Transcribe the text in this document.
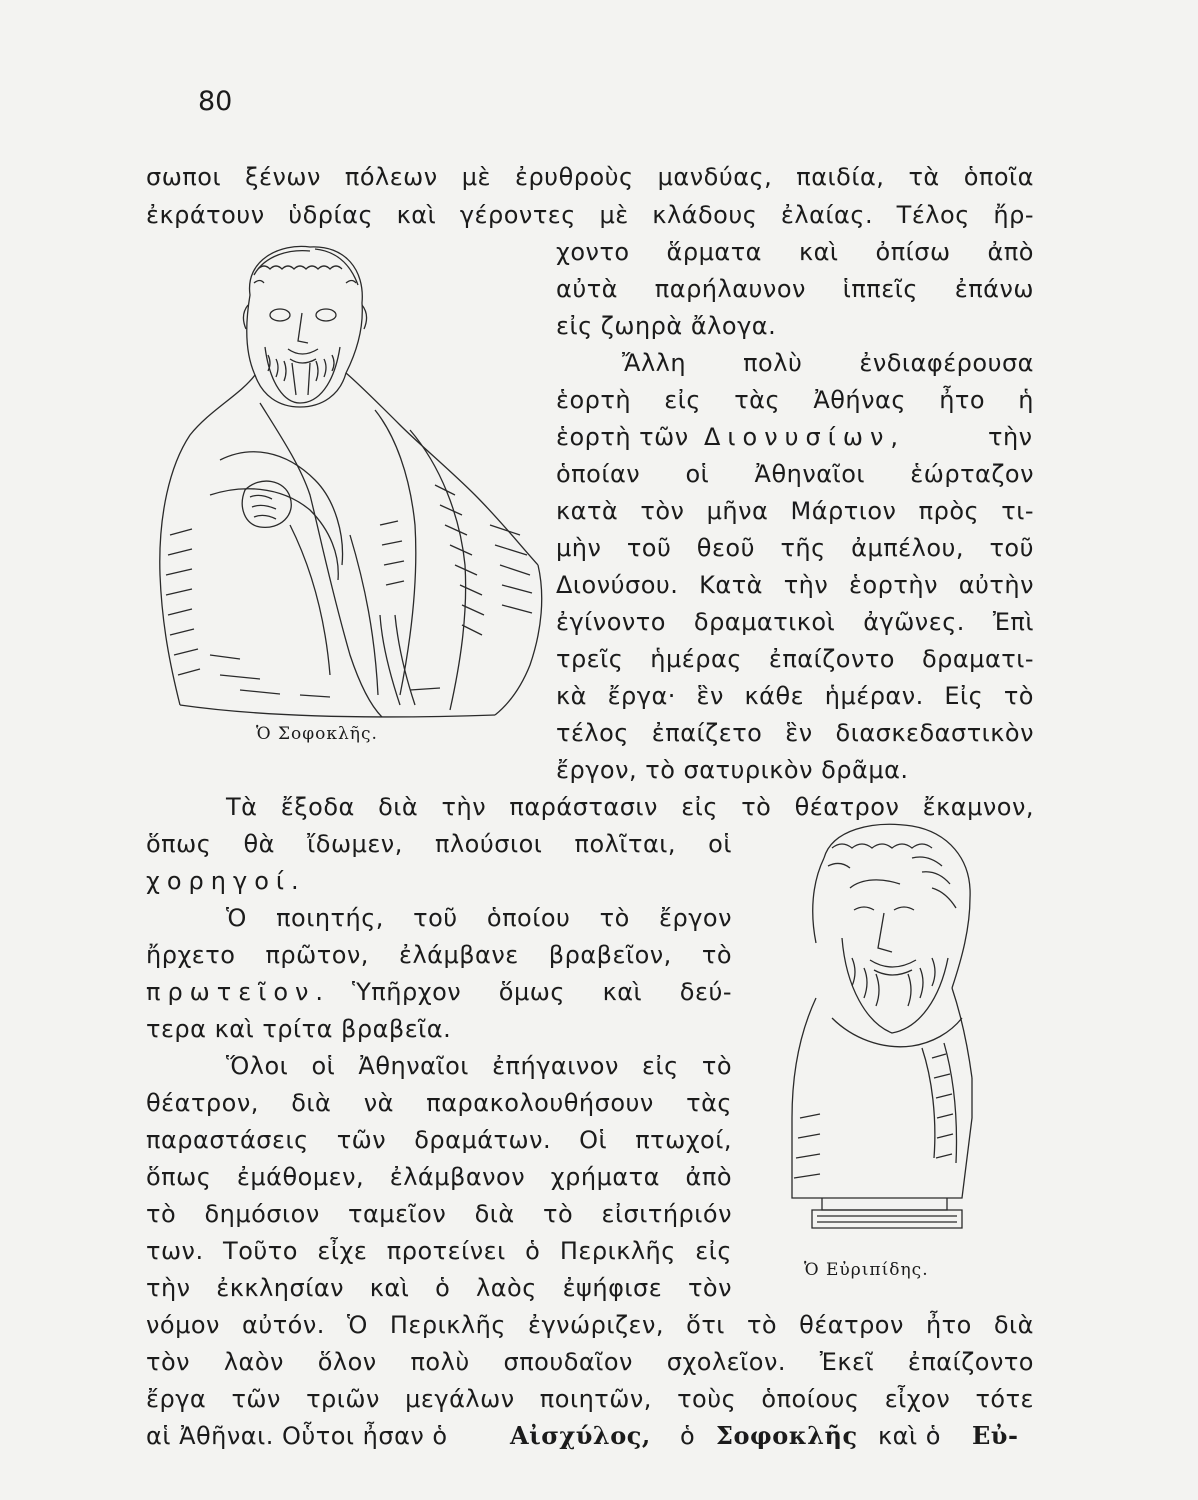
80
Ὁ Σοφοκλῆς.
Ὁ Εὐριπίδης.
σωποι ξένων πόλεων μὲ ἐρυθροὺς μανδύας, παιδία, τὰ ὁποῖα
ἐκράτουν ὑδρίας καὶ γέροντες μὲ κλάδους ἐλαίας. Τέλος ἤρ-
χοντο ἅρματα καὶ ὀπίσω ἀπὸ
αὐτὰ παρήλαυνον ἱππεῖς ἐπάνω
εἰς ζωηρὰ ἄλογα.
Ἄλλη πολὺ ἐνδιαφέρουσα
ἑορτὴ εἰς τὰς Ἀθήνας ἦτο ἡ
ἑορτὴ τῶν Διονυσίων,	τὴν
ὁποίαν οἱ Ἀθηναῖοι ἑώρταζον
κατὰ τὸν μῆνα Μάρτιον πρὸς τι-
μὴν τοῦ θεοῦ τῆς ἀμπέλου, τοῦ
Διονύσου. Κατὰ τὴν ἑορτὴν αὐτὴν
ἐγίνοντο δραματικοὶ ἀγῶνες. Ἐπὶ
τρεῖς ἡμέρας ἐπαίζοντο δραματι-
κὰ ἔργα· ἓν κάθε ἡμέραν. Εἰς τὸ
τέλος ἐπαίζετο ἓν διασκεδαστικὸν
ἔργον, τὸ σατυρικὸν δρᾶμα.
Τὰ ἔξοδα διὰ τὴν παράστασιν εἰς τὸ θέατρον ἔκαμνον,
ὅπως θὰ ἴδωμεν, πλούσιοι πολῖται, οἱ
χορηγοί.
Ὁ ποιητής, τοῦ ὁποίου τὸ ἔργον
ἤρχετο πρῶτον, ἐλάμβανε βραβεῖον, τὸ
πρωτεῖον. Ὑπῆρχον ὅμως καὶ δεύ-
τερα καὶ τρίτα βραβεῖα.
Ὅλοι οἱ Ἀθηναῖοι ἐπήγαινον εἰς τὸ
θέατρον, διὰ νὰ παρακολουθήσουν τὰς
παραστάσεις τῶν δραμάτων. Οἱ πτωχοί,
ὅπως ἐμάθομεν, ἐλάμβανον χρήματα ἀπὸ
τὸ δημόσιον ταμεῖον διὰ τὸ εἰσιτήριόν
των. Τοῦτο εἶχε προτείνει ὁ Περικλῆς εἰς
τὴν ἐκκλησίαν καὶ ὁ λαὸς ἐψήφισε τὸν
νόμον αὐτόν. Ὁ Περικλῆς ἐγνώριζεν, ὅτι τὸ θέατρον ἦτο διὰ
τὸν λαὸν ὅλον πολὺ σπουδαῖον σχολεῖον. Ἐκεῖ ἐπαίζοντο
ἔργα τῶν τριῶν μεγάλων ποιητῶν, τοὺς ὁποίους εἶχον τότε
αἱ Ἀθῆναι. Οὗτοι ἦσαν ὁ	Αἰσχύλος, ὁ Σοφοκλῆς καὶ ὁ Εὐ-
